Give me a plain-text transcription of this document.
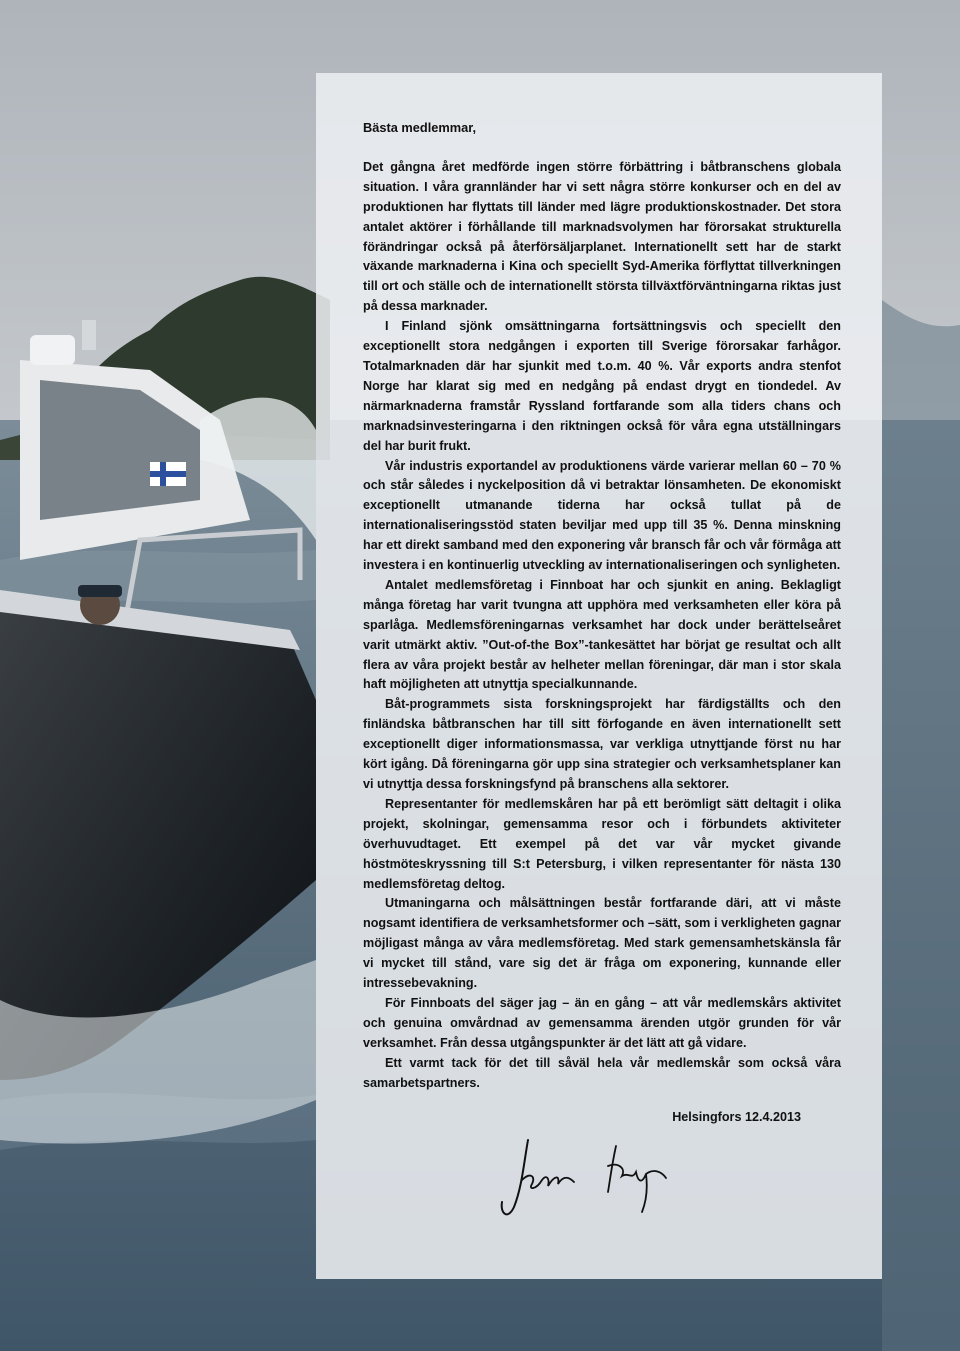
Bästa medlemmar,

Det gångna året medförde ingen större förbättring i båtbranschens globala situation. I våra grannländer har vi sett några större konkurser och en del av produktionen har flyttats till länder med lägre produktionskostnader. Det stora antalet aktörer i förhållande till marknadsvolymen har förorsakat strukturella förändringar också på återförsäljarplanet. Internationellt sett har de starkt växande marknaderna i Kina och speciellt Syd-Amerika förflyttat tillverkningen till ort och ställe och de internationellt största tillväxtförväntningarna riktas just på dessa marknader.

I Finland sjönk omsättningarna fortsättningsvis och speciellt den exceptionellt stora nedgången i exporten till Sverige förorsakar farhågor. Totalmarknaden där har sjunkit med t.o.m. 40 %. Vår exports andra stenfot Norge har klarat sig med en nedgång på endast drygt en tiondedel. Av närmarknaderna framstår Ryssland fortfarande som alla tiders chans och marknadsinvesteringarna i den riktningen också för våra egna utställningars del har burit frukt.

Vår industris exportandel av produktionens värde varierar mellan 60 – 70 % och står således i nyckelposition då vi betraktar lönsamheten. De ekonomiskt exceptionellt utmanande tiderna har också tullat på de internationaliseringsstöd staten beviljar med upp till 35 %. Denna minskning har ett direkt samband med den exponering vår bransch får och vår förmåga att investera i en kontinuerlig utveckling av internationaliseringen och synligheten.

Antalet medlemsföretag i Finnboat har och sjunkit en aning. Beklagligt många företag har varit tvungna att upphöra med verksamheten eller köra på sparlåga. Medlemsföreningarnas verksamhet har dock under berättelseåret varit utmärkt aktiv. ”Out-of-the Box”-tankesättet har börjat ge resultat och allt flera av våra projekt består av helheter mellan föreningar, där man i stor skala haft möjligheten att utnyttja specialkunnande.

Båt-programmets sista forskningsprojekt har färdigställts och den finländska båtbranschen har till sitt förfogande en även internationellt sett exceptionellt diger informationsmassa, var verkliga utnyttjande först nu har kört igång. Då föreningarna gör upp sina strategier och verksamhetsplaner kan vi utnyttja dessa forskningsfynd på branschens alla sektorer.

Representanter för medlemskåren har på ett berömligt sätt deltagit i olika projekt, skolningar, gemensamma resor och i förbundets aktiviteter överhuvudtaget. Ett exempel på det var vår mycket givande höstmöteskryssning till S:t Petersburg, i vilken representanter för nästa 130 medlemsföretag deltog.

Utmaningarna och målsättningen består fortfarande däri, att vi måste nogsamt identifiera de verksamhetsformer och –sätt, som i verkligheten gagnar möjligast många av våra medlemsföretag. Med stark gemensamhetskänsla får vi mycket till stånd, vare sig det är fråga om exponering, kunnande eller intressebevakning.

För Finnboats del säger jag – än en gång – att vår medlemskårs aktivitet och genuina omvårdnad av gemensamma ärenden utgör grunden för vår verksamhet. Från dessa utgångspunkter är det lätt att gå vidare.

Ett varmt tack för det till såväl hela vår medlemskår som också våra samarbetspartners.

Helsingfors 12.4.2013
